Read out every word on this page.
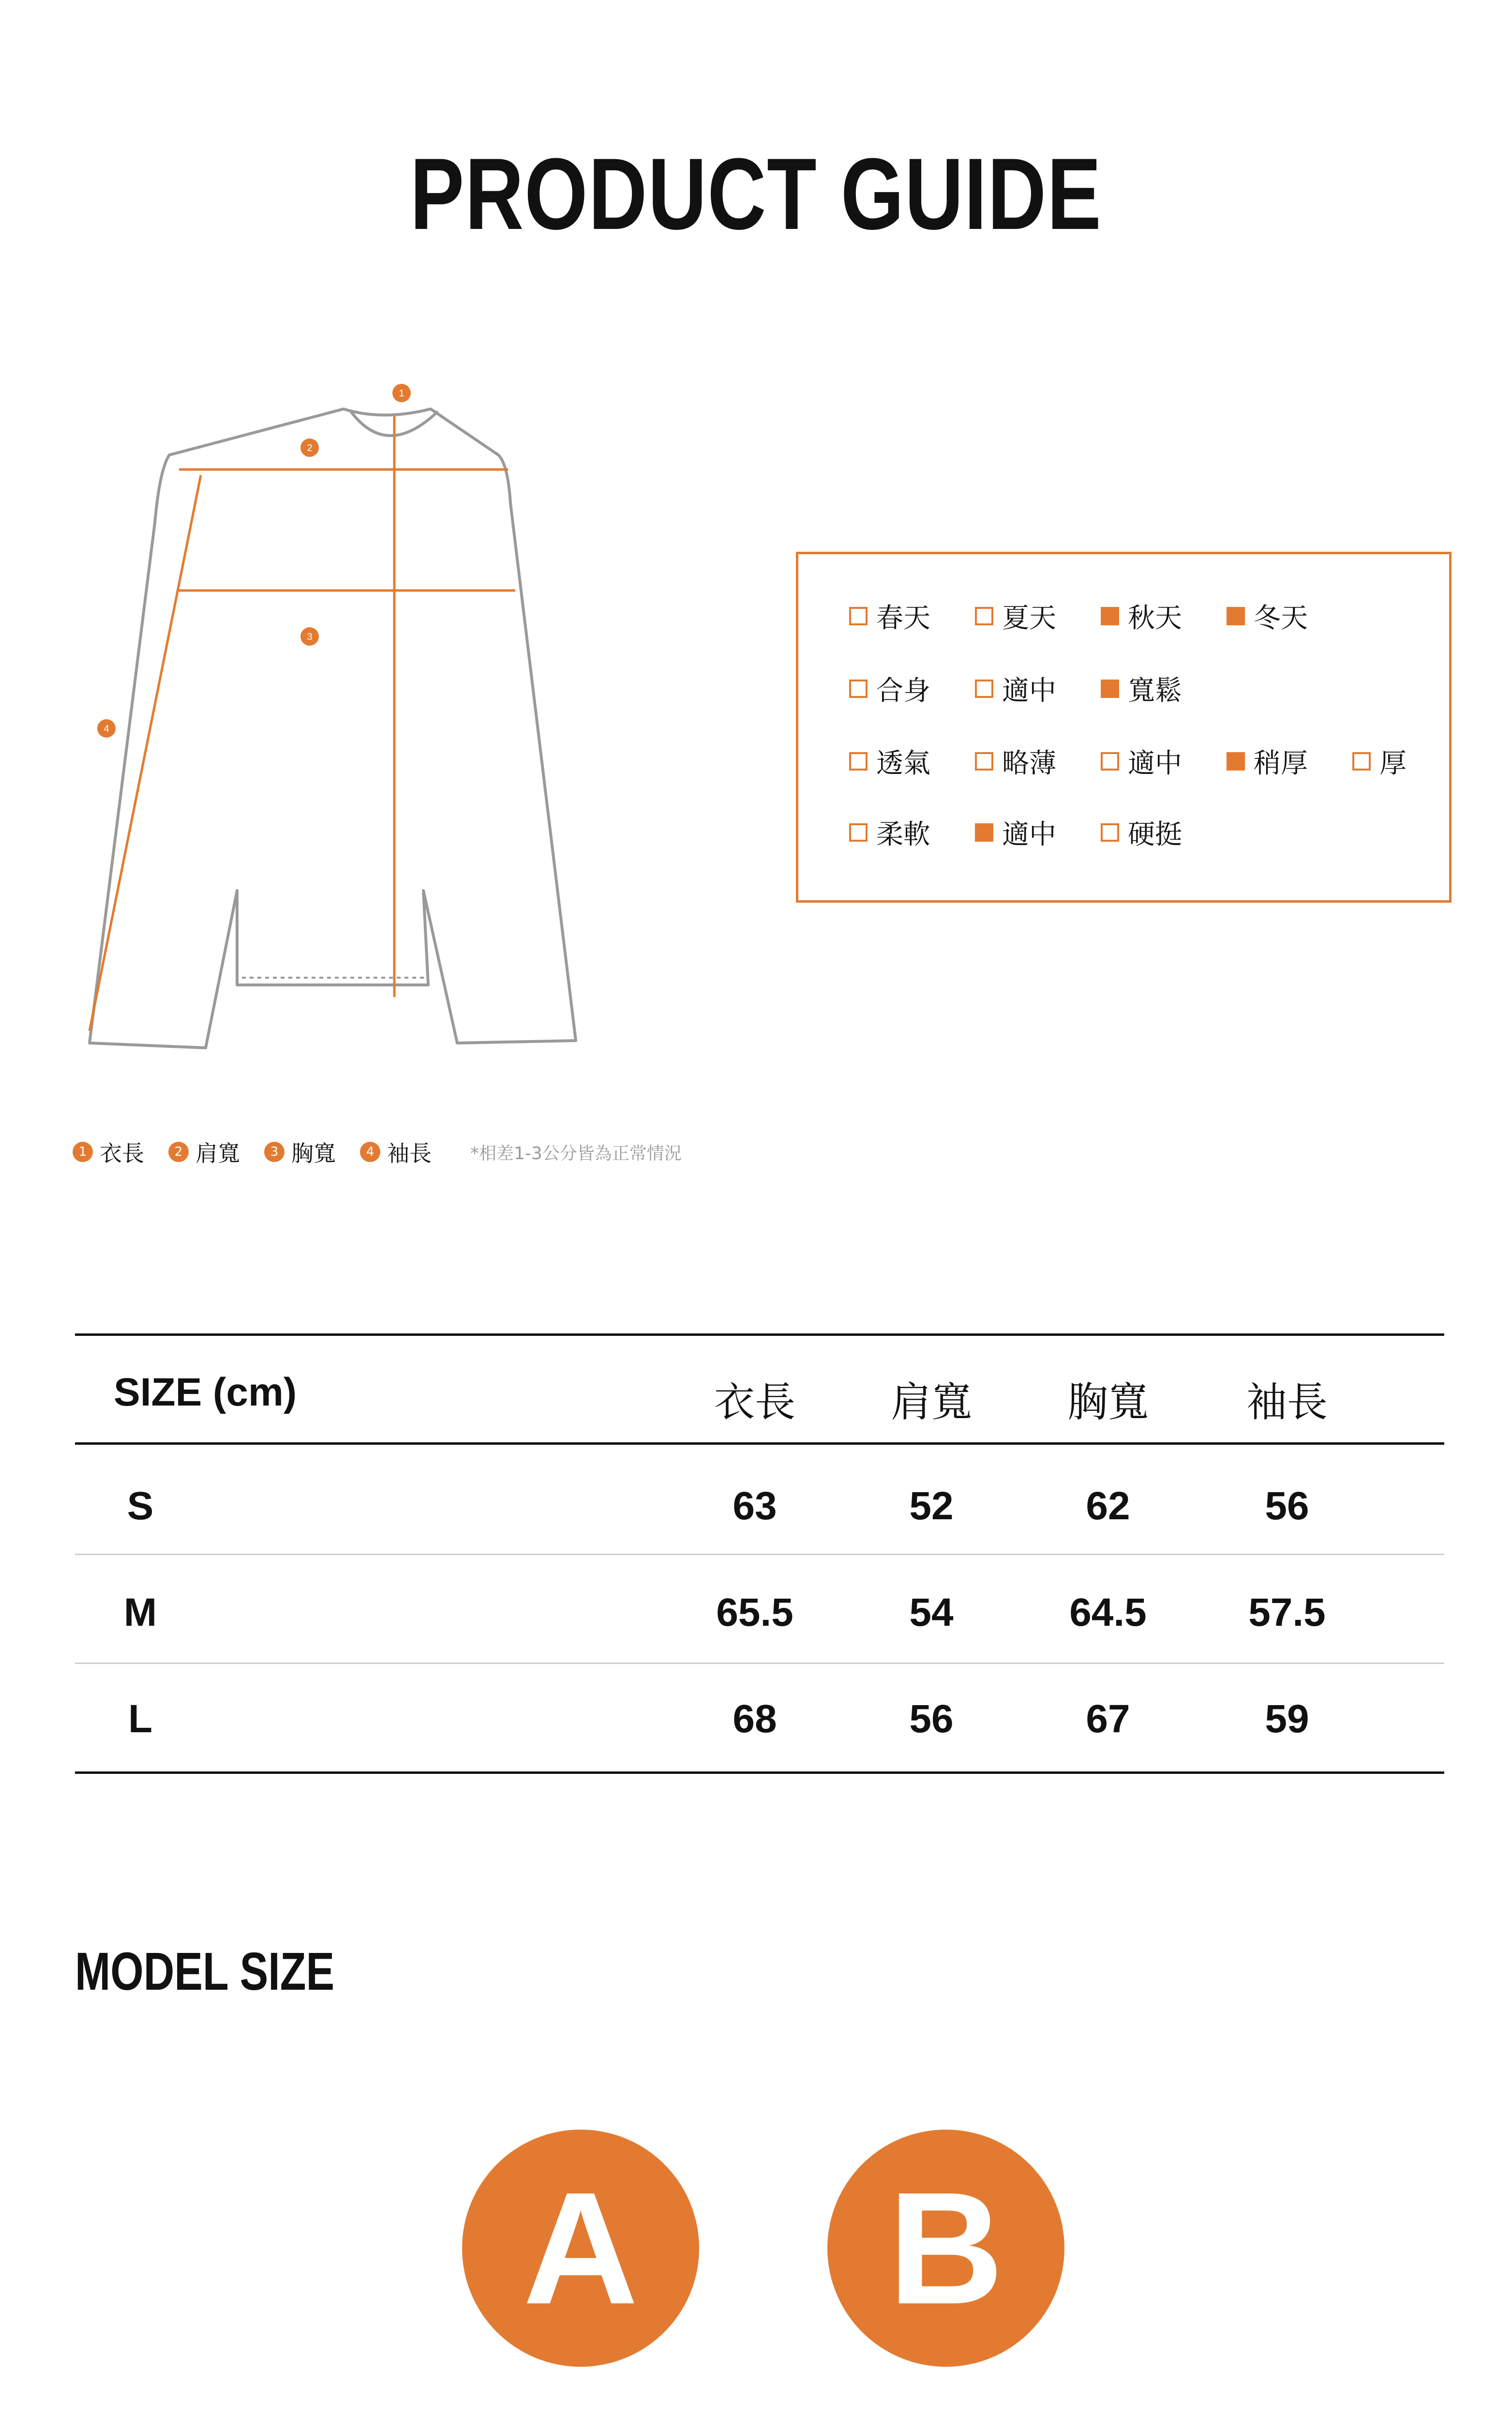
PRODUCT GUIDE
1
2
3
4
春天	夏天	秋天	冬天
合身	適中	寬鬆
透氣	略薄	適中	稍厚	厚
柔軟	適中	硬挺
1 衣長	2 肩寬	3 胸寬	4 袖長 *相差1-3公分皆為正常情況
SIZE (cm)	衣長	肩寬	胸寬	袖長
S	63	52	62	56
M	65.5	54	64.5	57.5
L	68	56	67	59
MODEL SIZE
A	B
